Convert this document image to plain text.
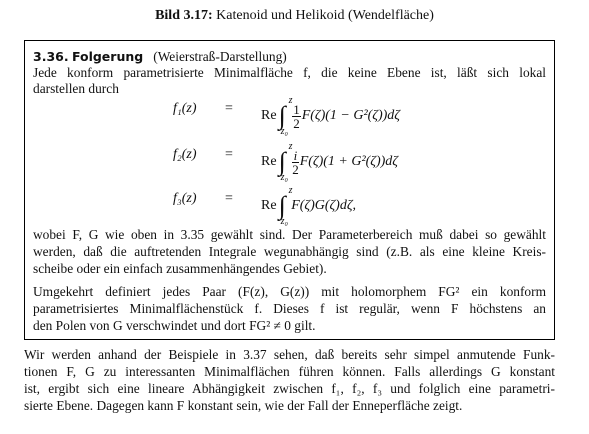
Bild 3.17: Katenoid und Helikoid (Wendelfläche)
3.36. Folgerung (Weierstraß-Darstellung)
Jede konform parametrisierte Minimalfläche f, die keine Ebene ist, läßt sich lokal
darstellen durch
f₁(z) = Re∫
z
z₀

$\frac{1}{2} F(\zeta)(1 - G^2(\zeta))d\zeta$
f₂(z) = Re∫
z
z₀

$\frac{i}{2} F(\zeta)(1 + G^2(\zeta))d\zeta$
f₃(z) = Re∫
z
z₀
F(ζ)G(ζ)dζ,
wobei F, G wie oben in 3.35 gewählt sind. Der Parameterbereich muß dabei so gewählt
werden, daß die auftretenden Integrale wegunabhängig sind (z.B. als eine kleine Kreis-
scheibe oder ein einfach zusammenhängendes Gebiet).
Umgekehrt definiert jedes Paar (F(z), G(z)) mit holomorphem FG² ein konform
parametrisiertes Minimalflächenstück f. Dieses f ist regulär, wenn F höchstens an
den Polen von G verschwindet und dort FG² ≠ 0 gilt.
Wir werden anhand der Beispiele in 3.37 sehen, daß bereits sehr simpel anmutende Funk-
tionen F, G zu interessanten Minimalflächen führen können. Falls allerdings G konstant
ist, ergibt sich eine lineare Abhängigkeit zwischen f₁, f₂, f₃ und folglich eine parametri-
sierte Ebene. Dagegen kann F konstant sein, wie der Fall der Enneperfläche zeigt.
